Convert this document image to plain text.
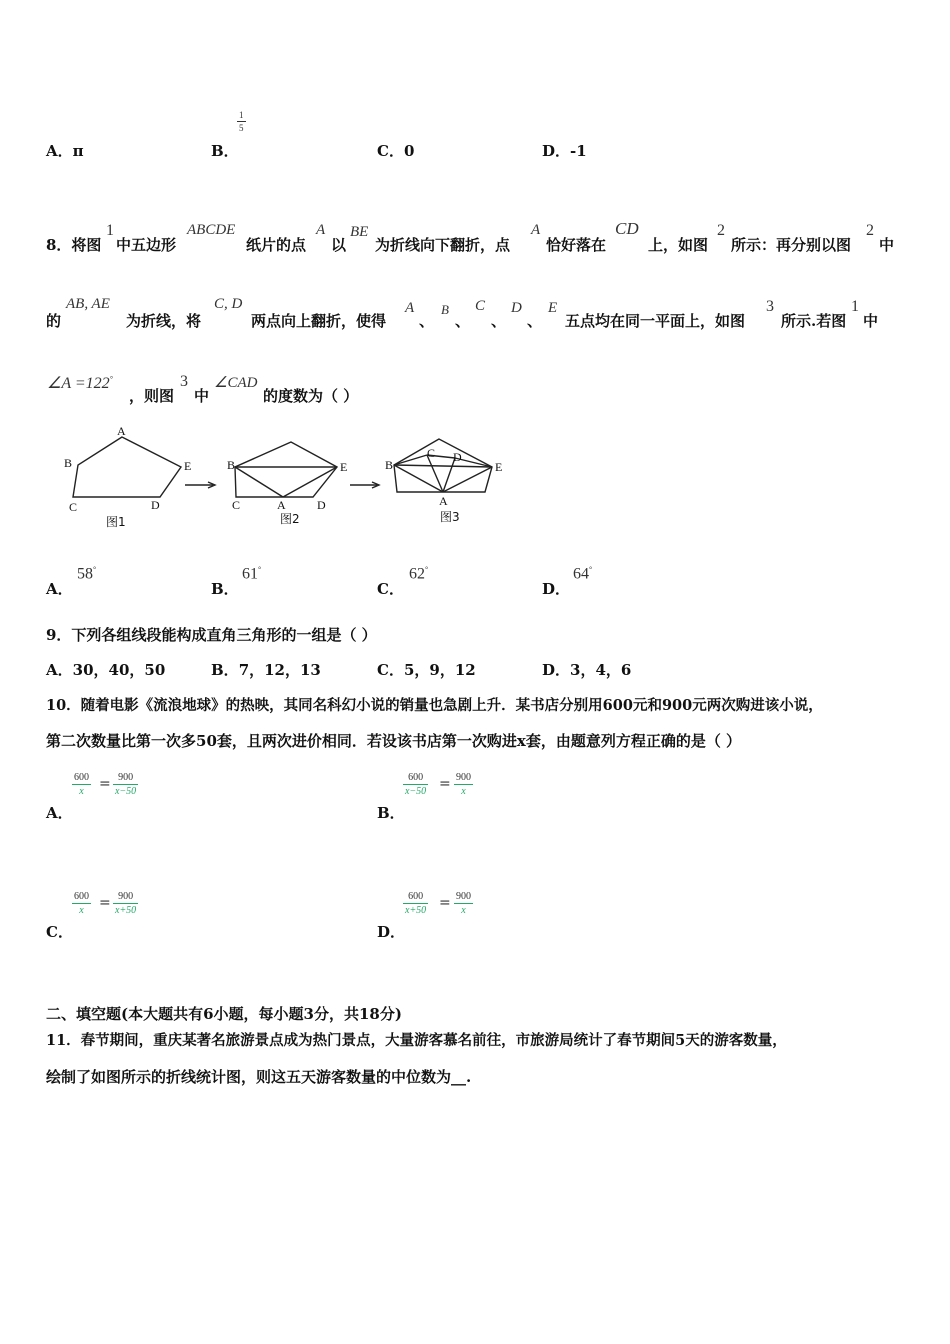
A．π	B．
1
5
C．0	D．-1
8．将图
1
中五边形
ABCDE
纸片的点
A
以
BE
为折线向下翻折，点
A
恰好落在
CD
上，如图
2
所示：再分别以图
2
中
的
AB, AE
为折线，将
C, D
两点向上翻折，使得
A
、
B
、
C
、
D
、
E
五点均在同一平面上，如图
3
所示.若图
1
中
∠A =122°
，则图
3
中
∠CAD
的度数为（ ）
A
B	E
C	D
B	E
C	A	D
B
C D
E
A
图1	图2	图3
A．
58°
B．
61°
C．
62°
D．
64°
9．下列各组线段能构成直角三角形的一组是（ ）
A．30，40，50	B．7，12，13	C．5，9，12	D．3，4，6
10．随着电影《流浪地球》的热映，其同名科幻小说的销量也急剧上升．某书店分别用600元和900元两次购进该小说，
第二次数量比第一次多50套，且两次进价相同．若设该书店第一次购进x套，由题意列方程正确的是（ ）
600
x	= 900
x−50
A．
600
x−50 = 900
x
B．
600
x	= 900
x+50
C．
600
x+50 = 900
x
D．
二、填空题(本大题共有6小题，每小题3分，共18分)
11．春节期间，重庆某著名旅游景点成为热门景点，大量游客慕名前往，市旅游局统计了春节期间5天的游客数量，
绘制了如图所示的折线统计图，则这五天游客数量的中位数为__.
